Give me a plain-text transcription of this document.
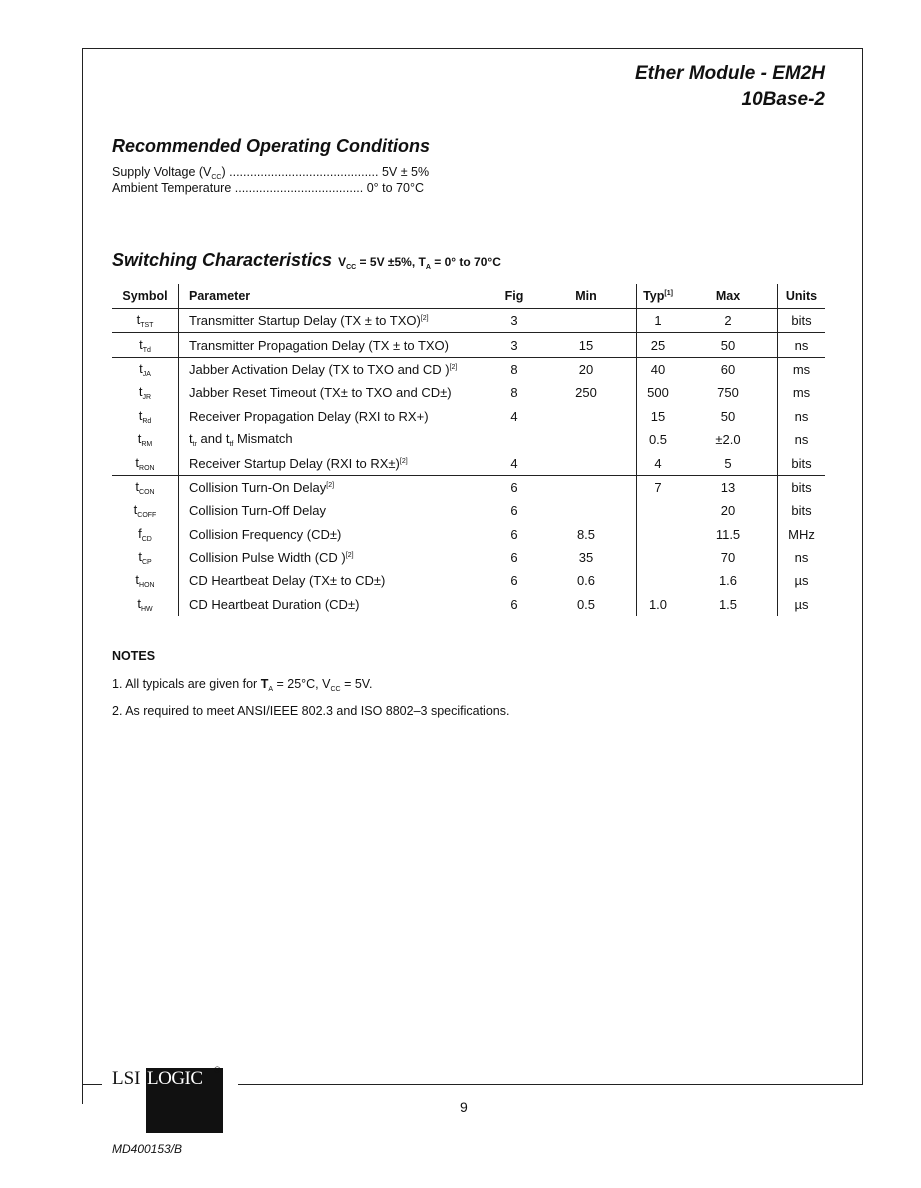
Ether Module - EM2H
10Base-2
Recommended Operating Conditions
Supply Voltage $(V_{CC})$ ........................................... 5V ± 5%
Ambient Temperature ..................................... 0° to 70°C
Switching Characteristics $V_{CC} = 5V \pm 5\%$, $T_A = 0^\circ$ to 70°C
Symbol	Parameter	Fig	Min	Typ[1]	Max	Units
$t_{TST}$	Transmitter Startup Delay (TX ± to TXO)[2]	3		1	2	bits
$t_{Td}$	Transmitter Propagation Delay (TX ± to TXO)	3	15	25	50	ns
$t_{JA}$	Jabber Activation Delay (TX to TXO and CD )[2]	8	20	40	60	ms
$t_{JR}$	Jabber Reset Timeout (TX± to TXO and CD±)	8	250	500	750	ms
$t_{Rd}$	Receiver Propagation Delay (RXI to RX+)	4		15	50	ns
$t_{RM}$	$t_{tr}$ and $t_{tf}$ Mismatch			0.5	±2.0	ns
$t_{RON}$	Receiver Startup Delay (RXI to RX±)[2]	4		4	5	bits
$t_{CON}$	Collision Turn-On Delay[2]	6		7	13	bits
$t_{COFF}$	Collision Turn-Off Delay	6			20	bits
$f_{CD}$	Collision Frequency (CD±)	6	8.5		11.5	MHz
$t_{CP}$	Collision Pulse Width (CD )[2]	6	35		70	ns
$t_{HON}$	CD Heartbeat Delay (TX± to CD±)	6	0.6		1.6	µs
$t_{HW}$	CD Heartbeat Duration (CD±)	6	0.5	1.0	1.5	µs
NOTES
1. All typicals are given for $T_A = 25^\circ C$, $V_{CC} = 5V$.
2. As required to meet ANSI/IEEE 802.3 and ISO 8802–3 specifications.
LSI LOGIC ®
9
MD400153/B
